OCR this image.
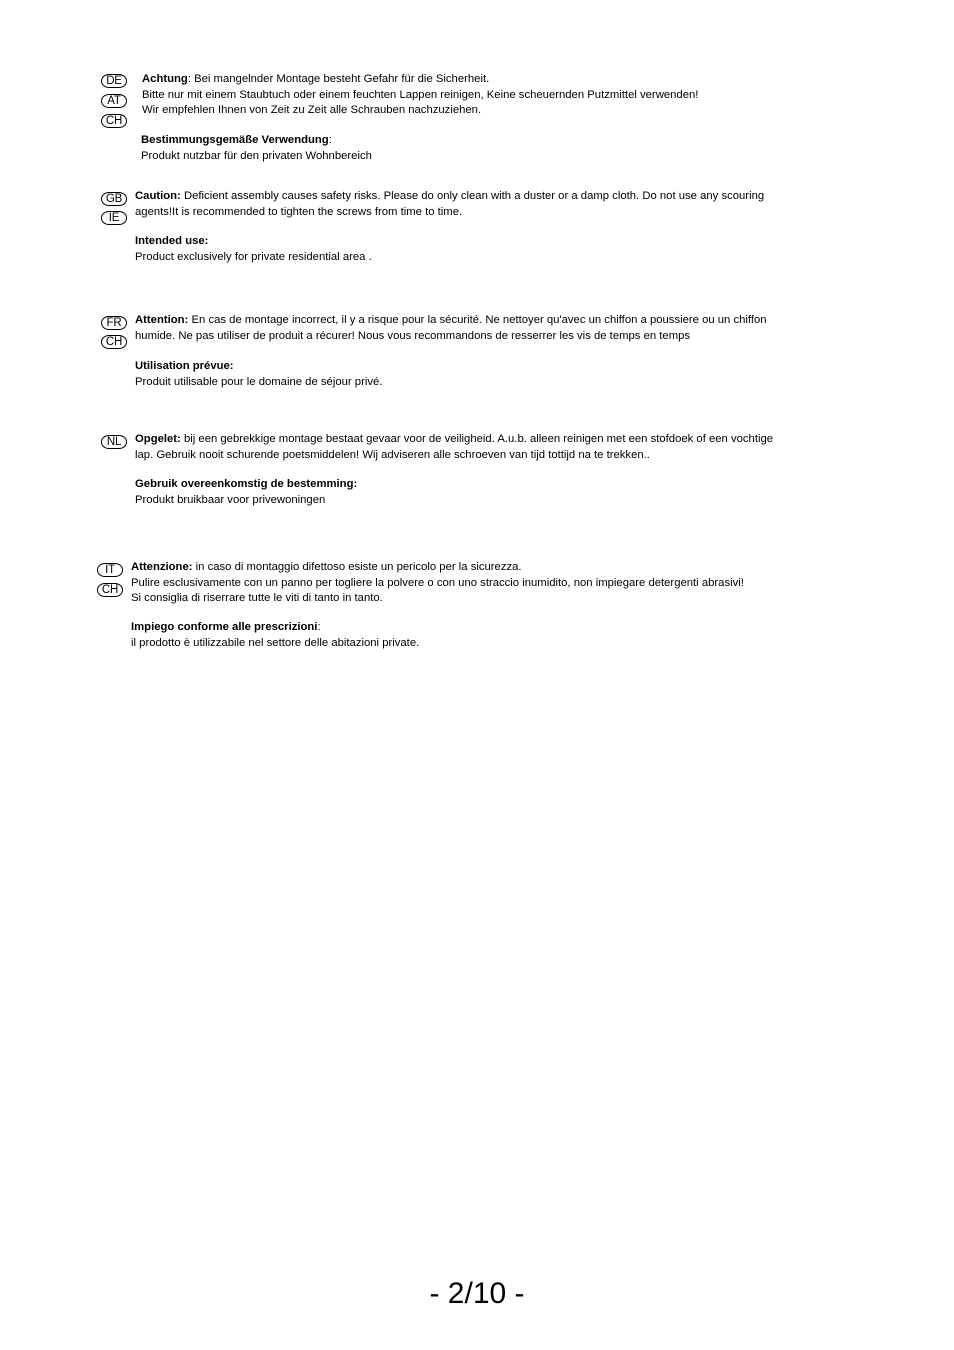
DE
AT
CH

Achtung: Bei mangelnder Montage besteht Gefahr für die Sicherheit.

Bitte nur mit einem Staubtuch oder einem feuchten Lappen reinigen, Keine scheuernden Putzmittel verwenden!

Wir empfehlen Ihnen von Zeit zu Zeit alle Schrauben nachzuziehen.

Bestimmungsgemäße Verwendung:

Produkt nutzbar für den privaten Wohnbereich

GB
IE

Caution: Deficient assembly causes safety risks. Please do only clean with a duster or a damp cloth. Do not use any scouring

agents!It is recommended to tighten the screws from time to time.

Intended use:

Product exclusively for private residential area .

FR
CH

Attention: En cas de montage incorrect, il y a risque pour la sécurité. Ne nettoyer qu'avec un chiffon a poussiere ou un chiffon

humide. Ne pas utiliser de produit a récurer! Nous vous recommandons de resserrer les vis de temps en temps

Utilisation prévue:

Produit utilisable pour le domaine de séjour privé.

NL	Opgelet: bij een gebrekkige montage bestaat gevaar voor de veiligheid. A.u.b. alleen reinigen met een stofdoek of een vochtige

lap. Gebruik nooit schurende poetsmiddelen! Wij adviseren alle schroeven van tijd tottijd na te trekken..

Gebruik overeenkomstig de bestemming:

Produkt bruikbaar voor privewoningen

IT
CH

Attenzione: in caso di montaggio difettoso esiste un pericolo per la sicurezza.

Pulire esclusivamente con un panno per togliere la polvere o con uno straccio inumidito, non impiegare detergenti abrasivi!

Si consiglia di riserrare tutte le viti di tanto in tanto.

Impiego conforme alle prescrizioni:

il prodotto è utilizzabile nel settore delle abitazioni private.

- 2/10 -
